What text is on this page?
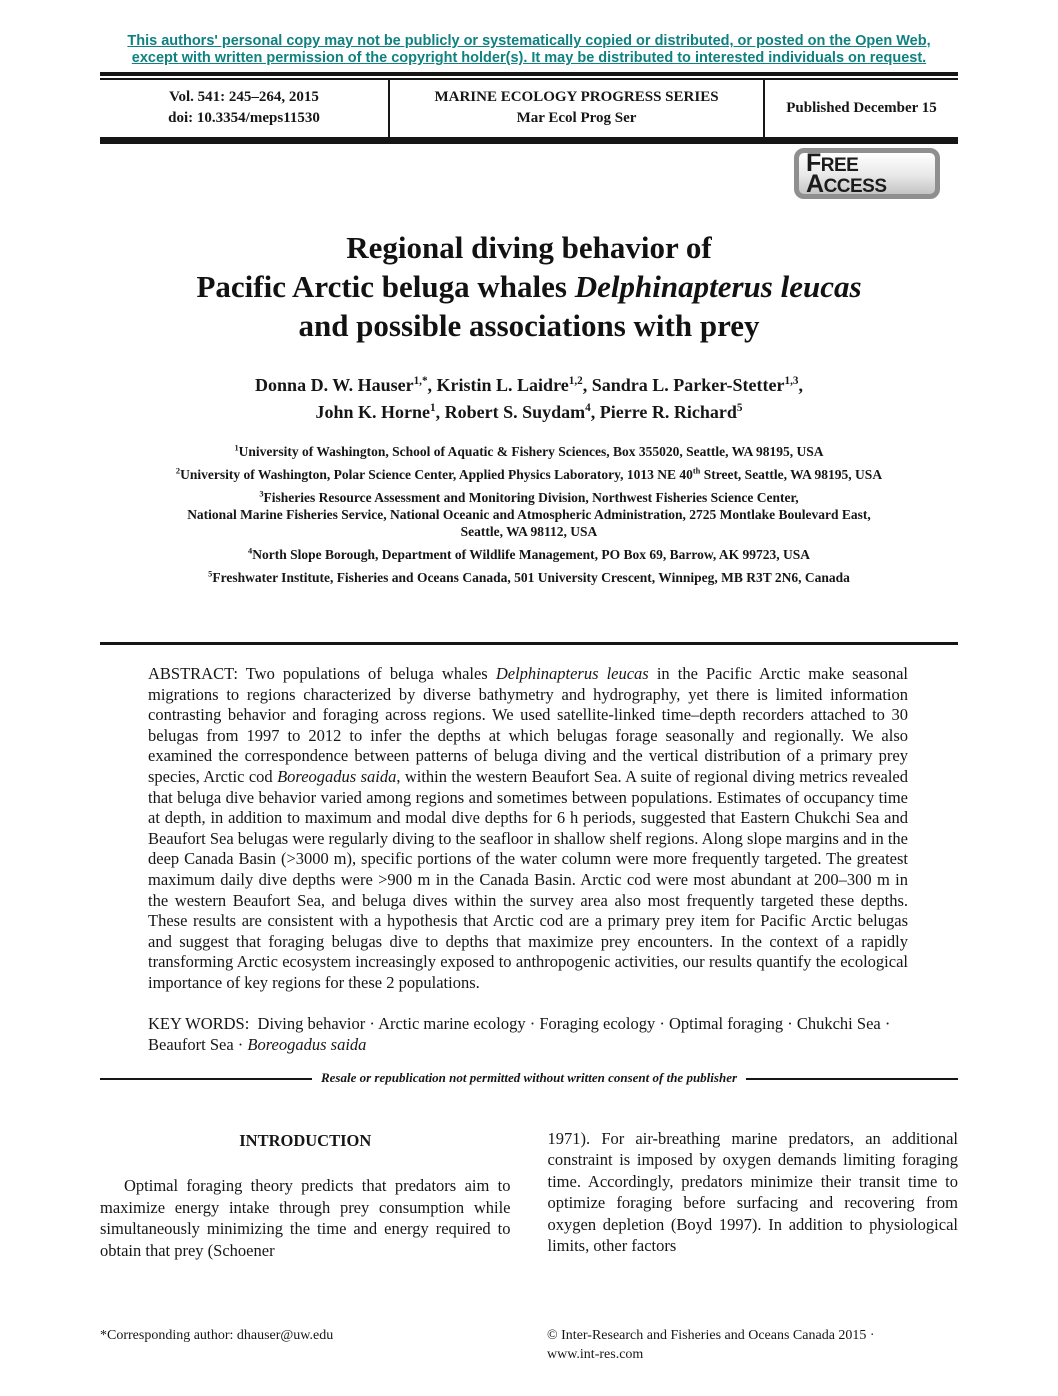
This authors' personal copy may not be publicly or systematically copied or distributed, or posted on the Open Web,
except with written permission of the copyright holder(s). It may be distributed to interested individuals on request.
Vol. 541: 245–264, 2015
doi: 10.3354/meps11530
MARINE ECOLOGY PROGRESS SERIES
Mar Ecol Prog Ser
Published December 15
FREE
ACCESS
Regional diving behavior of
Pacific Arctic beluga whales Delphinapterus leucas
and possible associations with prey
Donna D. W. Hauser$^{1,*}$, Kristin L. Laidre$^{1,2}$, Sandra L. Parker-Stetter$^{1,3}$,
John K. Horne$^1$, Robert S. Suydam$^4$, Pierre R. Richard$^5$
$^1$University of Washington, School of Aquatic & Fishery Sciences, Box 355020, Seattle, WA 98195, USA
$^2$University of Washington, Polar Science Center, Applied Physics Laboratory, 1013 NE 40th Street, Seattle, WA 98195, USA
$^3$Fisheries Resource Assessment and Monitoring Division, Northwest Fisheries Science Center,
National Marine Fisheries Service, National Oceanic and Atmospheric Administration, 2725 Montlake Boulevard East,
Seattle, WA 98112, USA
$^4$North Slope Borough, Department of Wildlife Management, PO Box 69, Barrow, AK 99723, USA
$^5$Freshwater Institute, Fisheries and Oceans Canada, 501 University Crescent, Winnipeg, MB R3T 2N6, Canada
ABSTRACT: Two populations of beluga whales Delphinapterus leucas in the Pacific Arctic make seasonal migrations to regions characterized by diverse bathymetry and hydrography, yet there is limited information contrasting behavior and foraging across regions. We used satellite-linked time–depth recorders attached to 30 belugas from 1997 to 2012 to infer the depths at which belugas forage seasonally and regionally. We also examined the correspondence between patterns of beluga diving and the vertical distribution of a primary prey species, Arctic cod Boreogadus saida, within the western Beaufort Sea. A suite of regional diving metrics revealed that beluga dive behavior varied among regions and sometimes between populations. Estimates of occupancy time at depth, in addition to maximum and modal dive depths for 6 h periods, suggested that Eastern Chukchi Sea and Beaufort Sea belugas were regularly diving to the seafloor in shallow shelf regions. Along slope margins and in the deep Canada Basin (>3000 m), specific portions of the water column were more frequently targeted. The greatest maximum daily dive depths were >900 m in the Canada Basin. Arctic cod were most abundant at 200–300 m in the western Beaufort Sea, and beluga dives within the survey area also most frequently targeted these depths. These results are consistent with a hypothesis that Arctic cod are a primary prey item for Pacific Arctic belugas and suggest that foraging belugas dive to depths that maximize prey encounters. In the context of a rapidly transforming Arctic ecosystem increasingly exposed to anthropogenic activities, our results quantify the ecological importance of key regions for these 2 populations.
KEY WORDS:  Diving behavior · Arctic marine ecology · Foraging ecology · Optimal foraging · Chukchi Sea · Beaufort Sea · Boreogadus saida
Resale or republication not permitted without written consent of the publisher
INTRODUCTION

Optimal foraging theory predicts that predators aim to maximize energy intake through prey consumption while simultaneously minimizing the time and energy required to obtain that prey (Schoener

1971). For air-breathing marine predators, an additional constraint is imposed by oxygen demands limiting foraging time. Accordingly, predators minimize their transit time to optimize foraging before surfacing and recovering from oxygen depletion (Boyd 1997). In addition to physiological limits, other factors

*Corresponding author: dhauser@uw.edu	© Inter-Research and Fisheries and Oceans Canada 2015 ·
www.int-res.com
